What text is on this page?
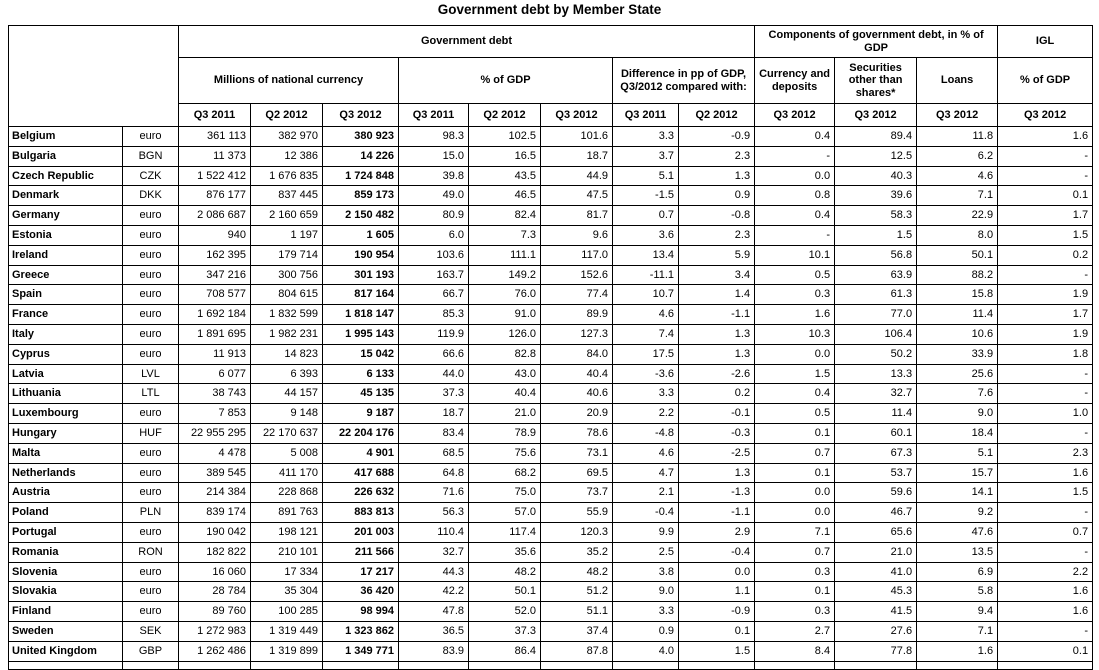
Government debt by Member State
		Government debt								Components of government debt, in % of GDP			IGL
		Millions of national currency			% of GDP			Difference in pp of GDP, Q3/2012 compared with:		Currency and deposits	Securities other than shares*	Loans	% of GDP
		Q3 2011	Q2 2012	Q3 2012	Q3 2011	Q2 2012	Q3 2012	Q3 2011	Q2 2012	Q3 2012	Q3 2012	Q3 2012	Q3 2012
Belgium	euro	361 113	382 970	380 923	98.3	102.5	101.6	3.3	-0.9	0.4	89.4	11.8	1.6
Bulgaria	BGN	11 373	12 386	14 226	15.0	16.5	18.7	3.7	2.3	-	12.5	6.2	-
Czech Republic	CZK	1 522 412	1 676 835	1 724 848	39.8	43.5	44.9	5.1	1.3	0.0	40.3	4.6	-
Denmark	DKK	876 177	837 445	859 173	49.0	46.5	47.5	-1.5	0.9	0.8	39.6	7.1	0.1
Germany	euro	2 086 687	2 160 659	2 150 482	80.9	82.4	81.7	0.7	-0.8	0.4	58.3	22.9	1.7
Estonia	euro	940	1 197	1 605	6.0	7.3	9.6	3.6	2.3	-	1.5	8.0	1.5
Ireland	euro	162 395	179 714	190 954	103.6	111.1	117.0	13.4	5.9	10.1	56.8	50.1	0.2
Greece	euro	347 216	300 756	301 193	163.7	149.2	152.6	-11.1	3.4	0.5	63.9	88.2	-
Spain	euro	708 577	804 615	817 164	66.7	76.0	77.4	10.7	1.4	0.3	61.3	15.8	1.9
France	euro	1 692 184	1 832 599	1 818 147	85.3	91.0	89.9	4.6	-1.1	1.6	77.0	11.4	1.7
Italy	euro	1 891 695	1 982 231	1 995 143	119.9	126.0	127.3	7.4	1.3	10.3	106.4	10.6	1.9
Cyprus	euro	11 913	14 823	15 042	66.6	82.8	84.0	17.5	1.3	0.0	50.2	33.9	1.8
Latvia	LVL	6 077	6 393	6 133	44.0	43.0	40.4	-3.6	-2.6	1.5	13.3	25.6	-
Lithuania	LTL	38 743	44 157	45 135	37.3	40.4	40.6	3.3	0.2	0.4	32.7	7.6	-
Luxembourg	euro	7 853	9 148	9 187	18.7	21.0	20.9	2.2	-0.1	0.5	11.4	9.0	1.0
Hungary	HUF	22 955 295	22 170 637	22 204 176	83.4	78.9	78.6	-4.8	-0.3	0.1	60.1	18.4	-
Malta	euro	4 478	5 008	4 901	68.5	75.6	73.1	4.6	-2.5	0.7	67.3	5.1	2.3
Netherlands	euro	389 545	411 170	417 688	64.8	68.2	69.5	4.7	1.3	0.1	53.7	15.7	1.6
Austria	euro	214 384	228 868	226 632	71.6	75.0	73.7	2.1	-1.3	0.0	59.6	14.1	1.5
Poland	PLN	839 174	891 763	883 813	56.3	57.0	55.9	-0.4	-1.1	0.0	46.7	9.2	-
Portugal	euro	190 042	198 121	201 003	110.4	117.4	120.3	9.9	2.9	7.1	65.6	47.6	0.7
Romania	RON	182 822	210 101	211 566	32.7	35.6	35.2	2.5	-0.4	0.7	21.0	13.5	-
Slovenia	euro	16 060	17 334	17 217	44.3	48.2	48.2	3.8	0.0	0.3	41.0	6.9	2.2
Slovakia	euro	28 784	35 304	36 420	42.2	50.1	51.2	9.0	1.1	0.1	45.3	5.8	1.6
Finland	euro	89 760	100 285	98 994	47.8	52.0	51.1	3.3	-0.9	0.3	41.5	9.4	1.6
Sweden	SEK	1 272 983	1 319 449	1 323 862	36.5	37.3	37.4	0.9	0.1	2.7	27.6	7.1	-
United Kingdom	GBP	1 262 486	1 319 899	1 349 771	83.9	86.4	87.8	4.0	1.5	8.4	77.8	1.6	0.1
